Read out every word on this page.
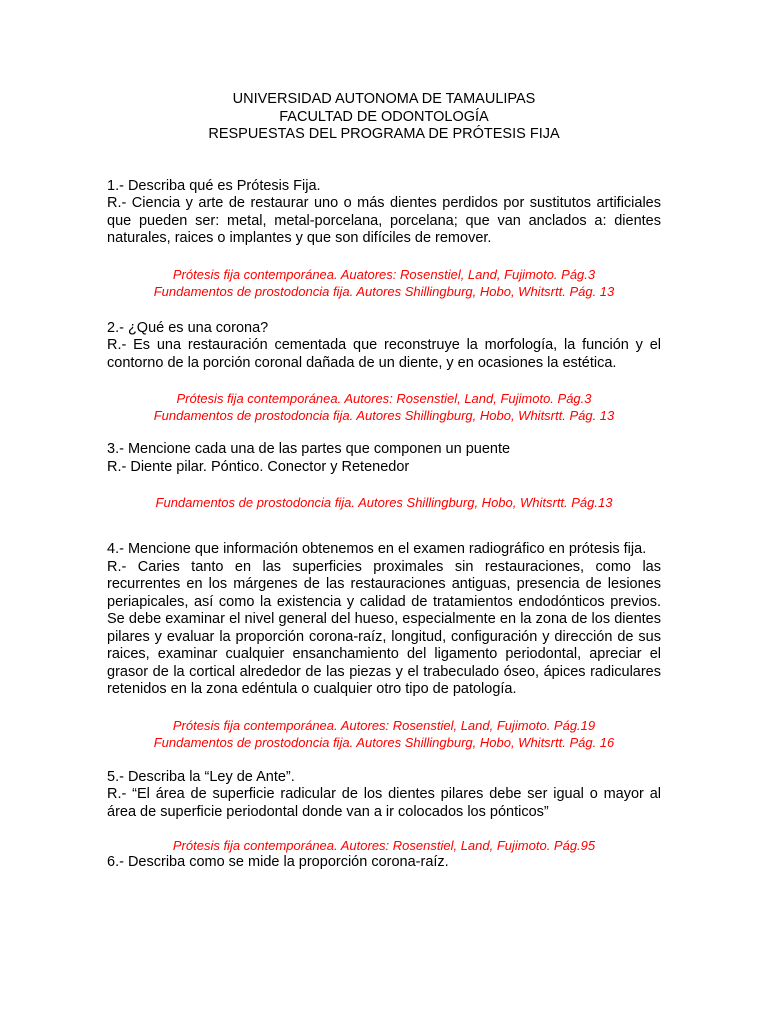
UNIVERSIDAD AUTONOMA DE TAMAULIPAS
FACULTAD DE ODONTOLOGÍA
RESPUESTAS DEL PROGRAMA DE PRÓTESIS FIJA

1.- Describa qué es Prótesis Fija.

R.- Ciencia y arte de restaurar uno o más dientes perdidos por sustitutos artificiales que pueden ser: metal, metal-porcelana, porcelana; que van anclados a: dientes naturales, raices o implantes y que son difíciles de remover.

Prótesis fija contemporánea. Auatores: Rosenstiel, Land, Fujimoto. Pág.3
Fundamentos de prostodoncia fija. Autores Shillingburg, Hobo, Whitsrtt. Pág. 13

2.- ¿Qué es una corona?

R.- Es una restauración cementada que reconstruye la morfología, la función y el contorno de la porción coronal dañada de un diente, y en ocasiones la estética.

Prótesis fija contemporánea. Autores: Rosenstiel, Land, Fujimoto. Pág.3
Fundamentos de prostodoncia fija. Autores Shillingburg, Hobo, Whitsrtt. Pág. 13

3.- Mencione cada una de las partes que componen un puente

R.- Diente pilar. Póntico. Conector y Retenedor

Fundamentos de prostodoncia fija. Autores Shillingburg, Hobo, Whitsrtt. Pág.13

4.- Mencione que información obtenemos en el examen radiográfico en prótesis fija.

R.- Caries tanto en las superficies proximales sin restauraciones, como las recurrentes en los márgenes de las restauraciones antiguas, presencia de lesiones periapicales, así como la existencia y calidad de tratamientos endodónticos previos. Se debe examinar el nivel general del hueso, especialmente en la zona de los dientes pilares y evaluar la proporción corona-raíz, longitud, configuración y dirección de sus raices, examinar cualquier ensanchamiento del ligamento periodontal, apreciar el grasor de la cortical alrededor de las piezas y el trabeculado óseo, ápices radiculares retenidos en la zona edéntula o cualquier otro tipo de patología.

Prótesis fija contemporánea. Autores: Rosenstiel, Land, Fujimoto. Pág.19
Fundamentos de prostodoncia fija. Autores Shillingburg, Hobo, Whitsrtt. Pág. 16

5.- Describa la “Ley de Ante”.

R.- “El área de superficie radicular de los dientes pilares debe ser igual o mayor al área de superficie periodontal donde van a ir colocados los pónticos”

Prótesis fija contemporánea. Autores: Rosenstiel, Land, Fujimoto. Pág.95

6.- Describa como se mide la proporción corona-raíz.
